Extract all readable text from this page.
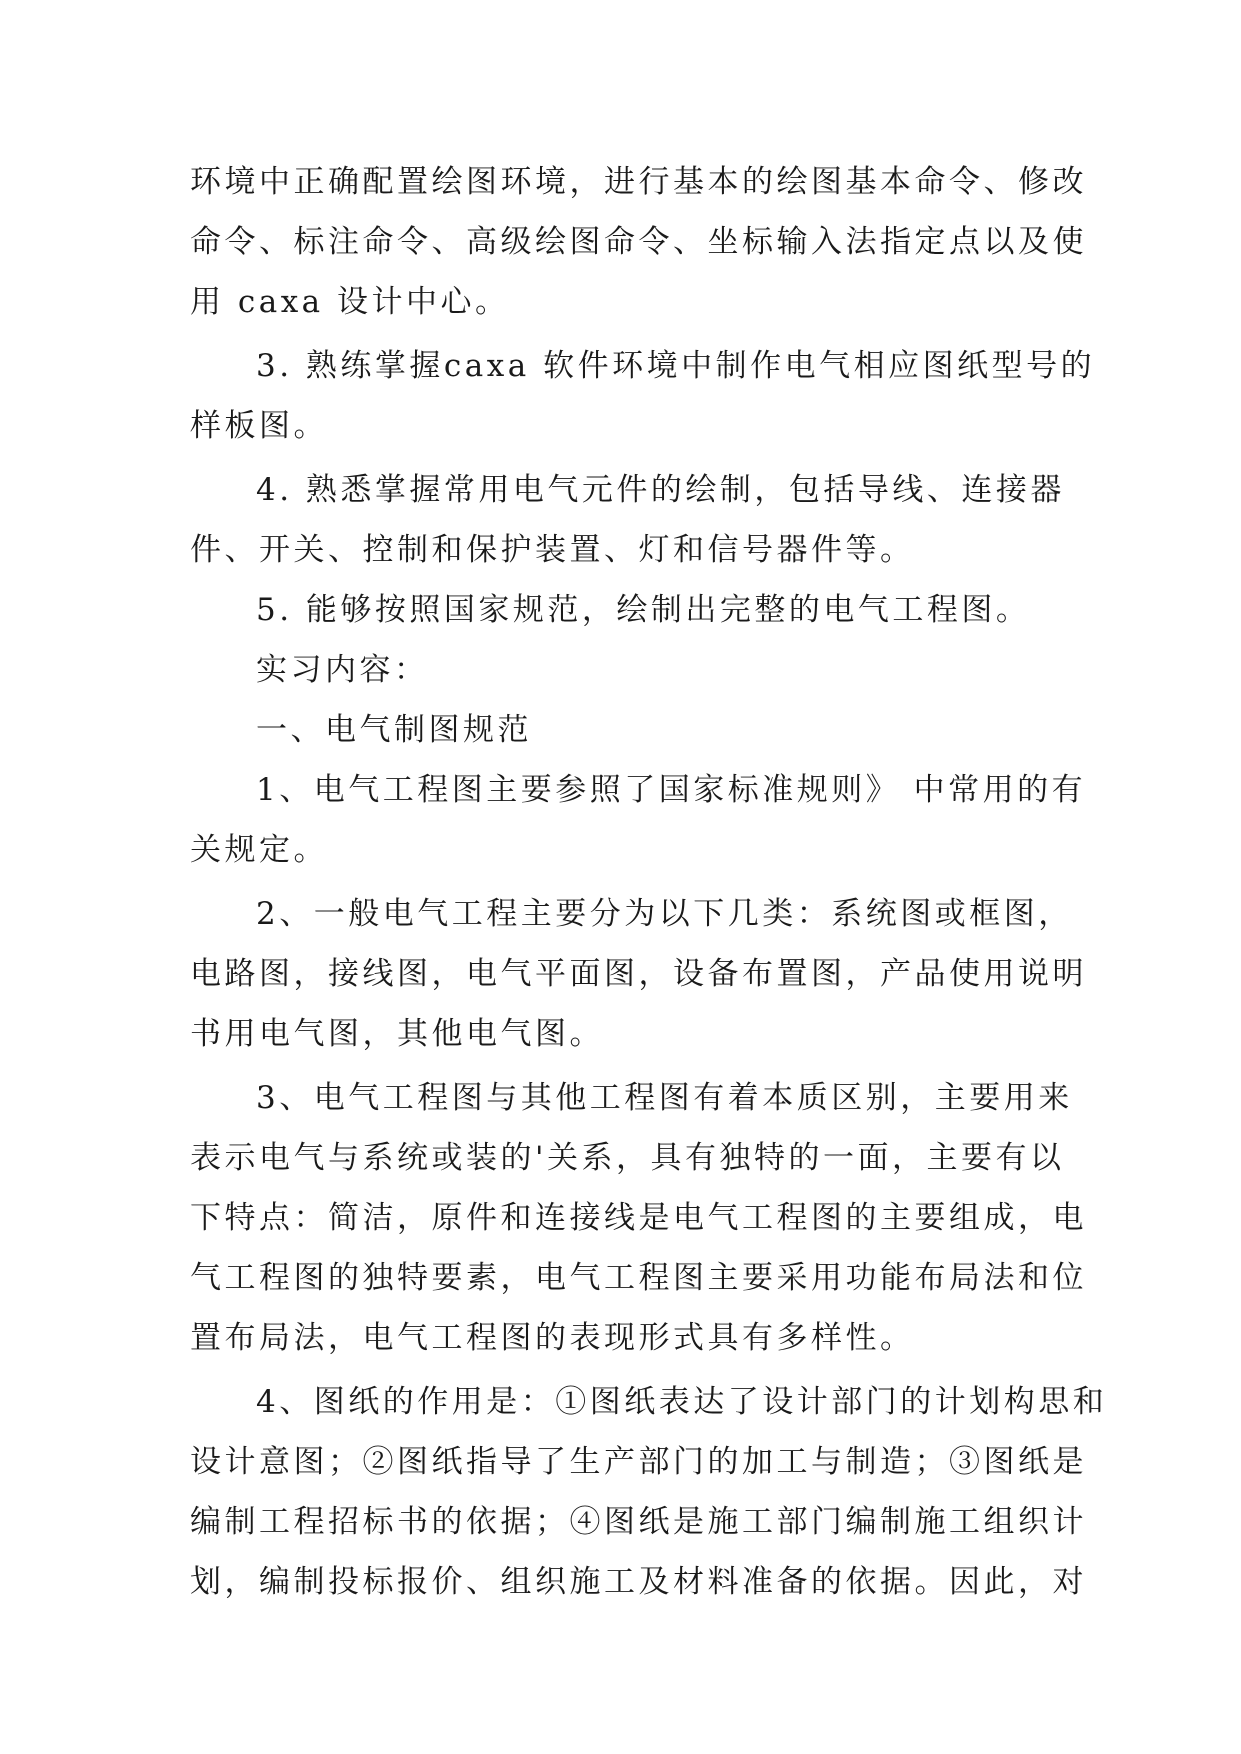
环境中正确配置绘图环境，进行基本的绘图基本命令、修改
命令、标注命令、高级绘图命令、坐标输入法指定点以及使
用 caxa 设计中心。
3. 熟练掌握caxa 软件环境中制作电气相应图纸型号的
样板图。
4. 熟悉掌握常用电气元件的绘制，包括导线、连接器
件、开关、控制和保护装置、灯和信号器件等。
5. 能够按照国家规范，绘制出完整的电气工程图。
实习内容：
一、电气制图规范
1、电气工程图主要参照了国家标准规则》 中常用的有
关规定。
2、一般电气工程主要分为以下几类：系统图或框图，
电路图，接线图，电气平面图，设备布置图，产品使用说明
书用电气图，其他电气图。
3、电气工程图与其他工程图有着本质区别，主要用来
表示电气与系统或装的'关系，具有独特的一面，主要有以
下特点：简洁，原件和连接线是电气工程图的主要组成，电
气工程图的独特要素，电气工程图主要采用功能布局法和位
置布局法，电气工程图的表现形式具有多样性。
4、图纸的作用是：①图纸表达了设计部门的计划构思和
设计意图；②图纸指导了生产部门的加工与制造；③图纸是
编制工程招标书的依据；④图纸是施工部门编制施工组织计
划，编制投标报价、组织施工及材料准备的依据。因此，对
